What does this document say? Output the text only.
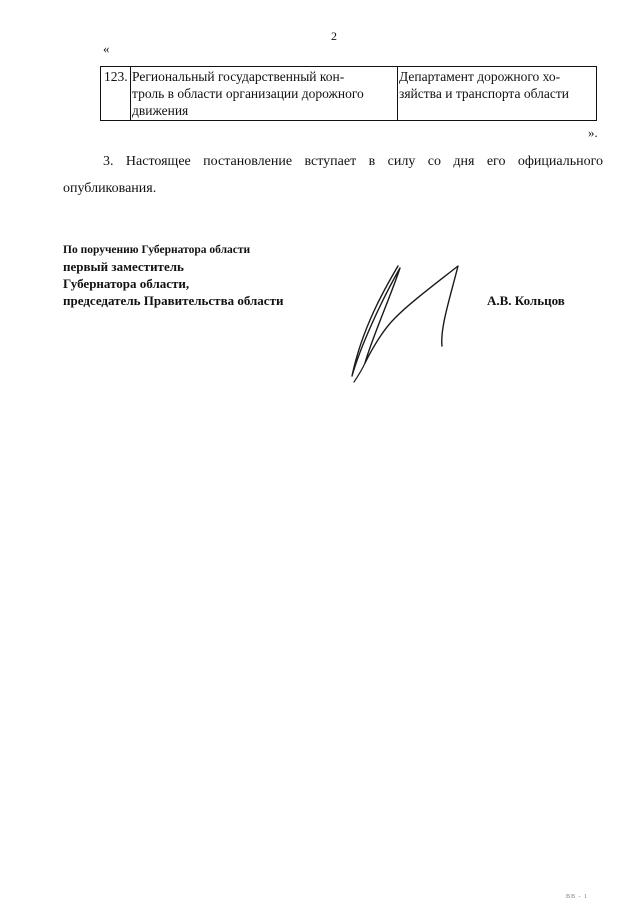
2
«
123.	Региональный государственный кон-
троль в области организации дорожного
движения

Департамент дорожного хо-
зяйства и транспорта области
».
3. Настоящее постановление вступает в силу со дня его официального опубликования.
По поручению Губернатора области
первый заместитель
Губернатора области,
председатель Правительства области	А.В. Кольцов
ВВ - 1
